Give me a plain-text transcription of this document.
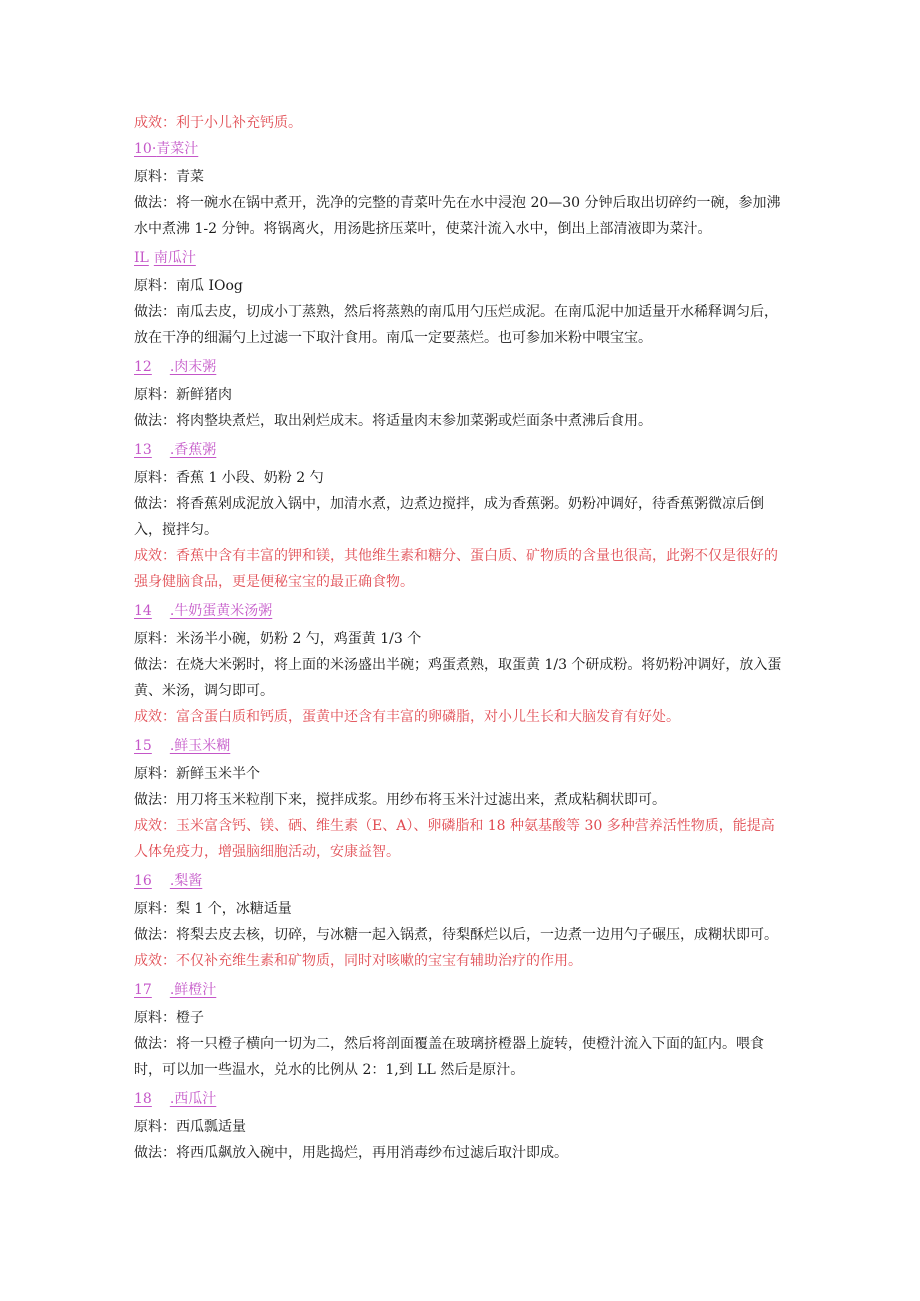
成效：利于小儿补充钙质。

10·青菜汁

原料：青菜

做法：将一碗水在锅中煮开，洗净的完整的青菜叶先在水中浸泡 20—30 分钟后取出切碎约一碗，参加沸水中煮沸 1-2 分钟。将锅离火，用汤匙挤压菜叶，使菜汁流入水中，倒出上部清液即为菜汁。

IL 南瓜汁

原料：南瓜 IOog

做法：南瓜去皮，切成小丁蒸熟，然后将蒸熟的南瓜用勺压烂成泥。在南瓜泥中加适量开水稀释调匀后，放在干净的细漏勺上过滤一下取汁食用。南瓜一定要蒸烂。也可参加米粉中喂宝宝。

12 .肉末粥

原料：新鲜猪肉

做法：将肉整块煮烂，取出剁烂成末。将适量肉末参加菜粥或烂面条中煮沸后食用。

13 .香蕉粥

原料：香蕉 1 小段、奶粉 2 勺

做法：将香蕉剁成泥放入锅中，加清水煮，边煮边搅拌，成为香蕉粥。奶粉冲调好，待香蕉粥微凉后倒入，搅拌匀。

成效：香蕉中含有丰富的钾和镁，其他维生素和糖分、蛋白质、矿物质的含量也很高，此粥不仅是很好的强身健脑食品，更是便秘宝宝的最正确食物。

14 .牛奶蛋黄米汤粥

原料：米汤半小碗，奶粉 2 勺，鸡蛋黄 1/3 个

做法：在烧大米粥时，将上面的米汤盛出半碗；鸡蛋煮熟，取蛋黄 1/3 个研成粉。将奶粉冲调好，放入蛋黄、米汤，调匀即可。

成效：富含蛋白质和钙质，蛋黄中还含有丰富的卵磷脂，对小儿生长和大脑发育有好处。

15 .鲜玉米糊

原料：新鲜玉米半个

做法：用刀将玉米粒削下来，搅拌成浆。用纱布将玉米汁过滤出来，煮成粘稠状即可。

成效：玉米富含钙、镁、硒、维生素（E、A）、卵磷脂和 18 种氨基酸等 30 多种营养活性物质，能提高人体免疫力，增强脑细胞活动，安康益智。

16 .梨酱

原料：梨 1 个，冰糖适量

做法：将梨去皮去核，切碎，与冰糖一起入锅煮，待梨酥烂以后，一边煮一边用勺子碾压，成糊状即可。

成效：不仅补充维生素和矿物质，同时对咳嗽的宝宝有辅助治疗的作用。

17 .鲜橙汁

原料：橙子

做法：将一只橙子横向一切为二，然后将剖面覆盖在玻璃挤橙器上旋转，使橙汁流入下面的缸内。喂食时，可以加一些温水，兑水的比例从 2：1,到 LL 然后是原汁。

18 .西瓜汁

原料：西瓜瓢适量

做法：将西瓜飙放入碗中，用匙捣烂，再用消毒纱布过滤后取汁即成。
